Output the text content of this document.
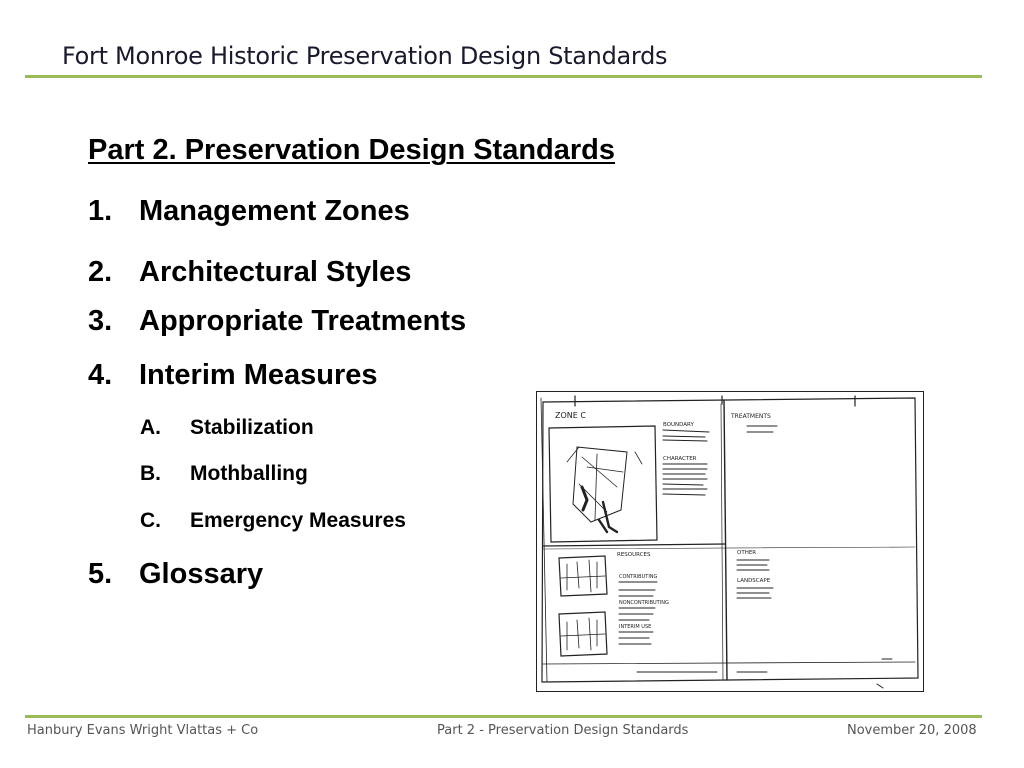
Fort Monroe Historic Preservation Design Standards
Part 2. Preservation Design Standards
1. Management Zones
2. Architectural Styles
3. Appropriate Treatments
4. Interim Measures
A. Stabilization
B. Mothballing
C. Emergency Measures
5. Glossary
ZONE C	TREATMENTS
BOUNDARY
CHARACTER
RESOURCES
CONTRIBUTING
NONCONTRIBUTING
INTERIM USE
OTHER
LANDSCAPE
Hanbury Evans Wright Vlattas + Co	Part 2 - Preservation Design Standards	November 20, 2008
